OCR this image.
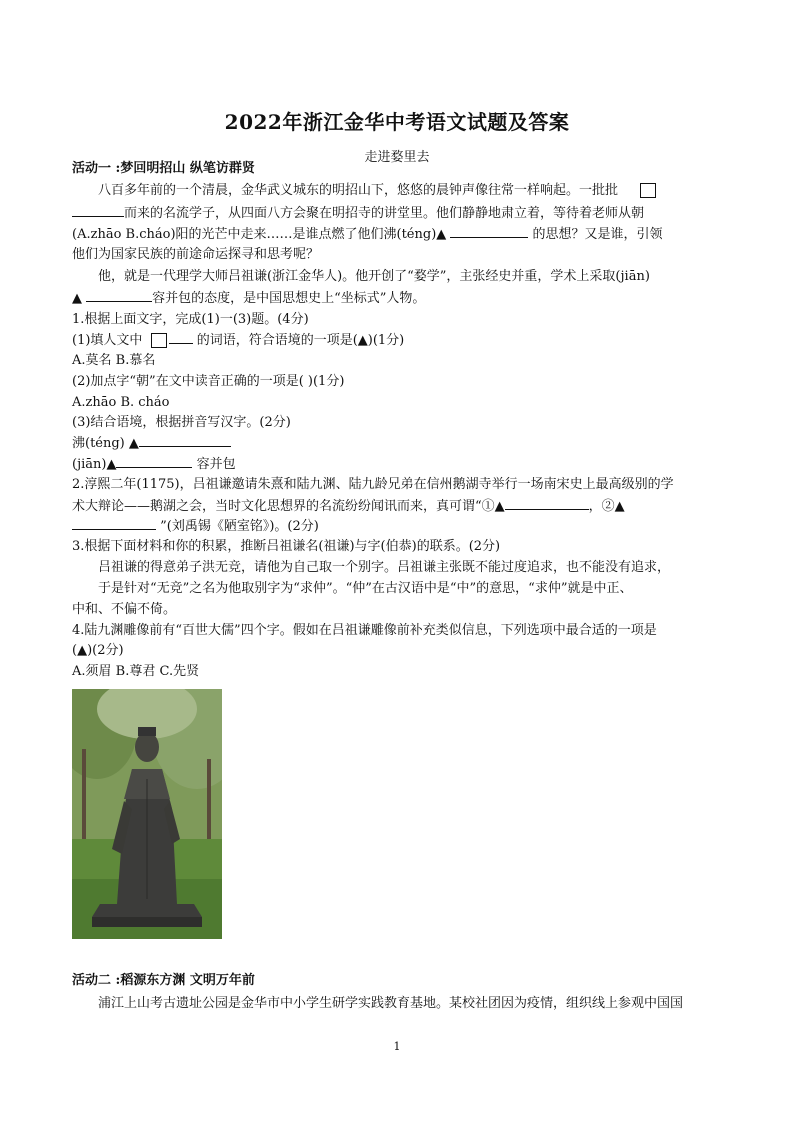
2022年浙江金华中考语文试题及答案
走进婺里去
活动一 :梦回明招山 纵笔访群贤
八百多年前的一个清晨，金华武义城东的明招山下，悠悠的晨钟声像往常一样响起。一批批
而来的名流学子，从四面八方会聚在明招寺的讲堂里。他们静静地肃立着，等待着老师从朝
(A.zhāo B.cháo)阳的光芒中走来……是谁点燃了他们沸(téng)▲	的思想？又是谁，引领
他们为国家民族的前途命运探寻和思考呢？
他，就是一代理学大师吕祖谦(浙江金华人)。他开创了“婺学”，主张经史并重，学术上采取(jiān)
▲	容并包的态度，是中国思想史上“坐标式”人物。
1.根据上面文字，完成(1)一(3)题。(4分)
(1)填人文中	的词语，符合语境的一项是(▲)(1分)
A.莫名 B.慕名
(2)加点字“朝”在文中读音正确的一项是( )(1分)
A.zhāo B. cháo
(3)结合语境，根据拼音写汉字。(2分)
沸(téng) ▲
(jiān)▲	容并包
2.淳熙二年(1175)，吕祖谦邀请朱熹和陆九渊、陆九龄兄弟在信州鹅湖寺举行一场南宋史上最高级别的学
术大辩论——鹅湖之会，当时文化思想界的名流纷纷闻讯而来，真可谓“①▲	，②▲
”(刘禹锡《陋室铭》)。(2分)
3.根据下面材料和你的积累，推断吕祖谦名(祖谦)与字(伯恭)的联系。(2分)
吕祖谦的得意弟子洪无竞，请他为自己取一个别字。吕祖谦主张既不能过度追求，也不能没有追求，
于是针对“无竞”之名为他取别字为“求仲”。“仲”在古汉语中是“中”的意思，“求仲”就是中正、
中和、不偏不倚。
4.陆九渊雕像前有“百世大儒”四个字。假如在吕祖谦雕像前补充类似信息，下列选项中最合适的一项是
(▲)(2分)
A.须眉 B.尊君 C.先贤
活动二 :稻源东方渊 文明万年前
浦江上山考古遗址公园是金华市中小学生研学实践教育基地。某校社团因为疫情，组织线上参观中国国
1
